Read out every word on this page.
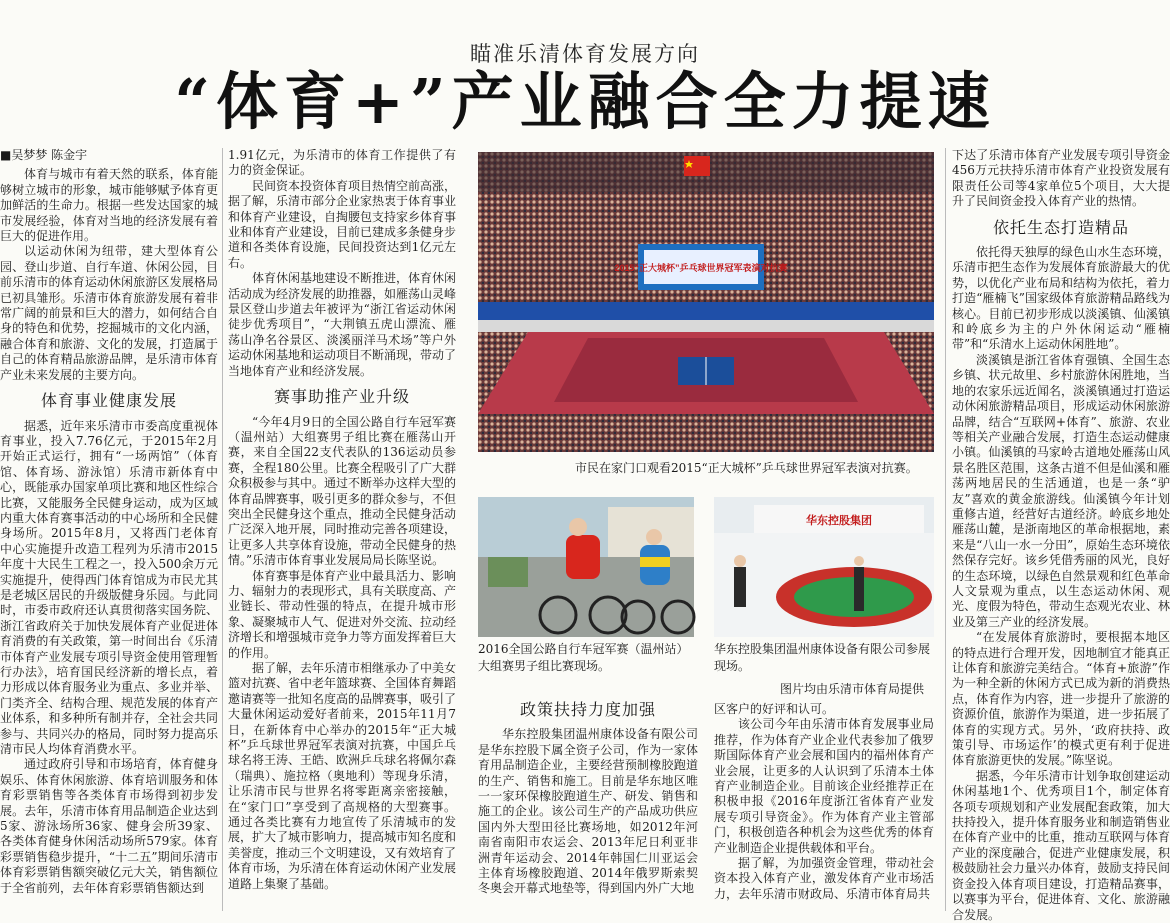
瞄准乐清体育发展方向
“体育+”产业融合全力提速
■吴梦梦 陈金宇

体育与城市有着天然的联系，体育能够树立城市的形象，城市能够赋予体育更加鲜活的生命力。根据一些发达国家的城市发展经验，体育对当地的经济发展有着巨大的促进作用。

以运动休闲为纽带，建大型体育公园、登山步道、自行车道、休闲公园，目前乐清市的体育运动休闲旅游区发展格局已初具雏形。乐清市体育旅游发展有着非常广阔的前景和巨大的潜力，如何结合自身的特色和优势，挖掘城市的文化内涵，融合体育和旅游、文化的发展，打造属于自己的体育精品旅游品牌，是乐清市体育产业未来发展的主要方向。

体育事业健康发展

据悉，近年来乐清市市委高度重视体育事业，投入7.76亿元，于2015年2月开始正式运行，拥有“一场两馆”（体育馆、体育场、游泳馆）乐清市新体育中心，既能承办国家单项比赛和地区性综合比赛，又能服务全民健身运动，成为区域内重大体育赛事活动的中心场所和全民健身场所。2015年8月，又将西门老体育中心实施提升改造工程列为乐清市2015年度十大民生工程之一，投入500余万元实施提升，使得西门体育馆成为市民尤其是老城区居民的升级版健身乐园。与此同时，市委市政府还认真贯彻落实国务院、浙江省政府关于加快发展体育产业促进体育消费的有关政策，第一时间出台《乐清市体育产业发展专项引导资金使用管理暂行办法》，培育国民经济新的增长点，着力形成以体育服务业为重点、多业并举、门类齐全、结构合理、规范发展的体育产业体系，和多种所有制并存，全社会共同参与、共同兴办的格局，同时努力提高乐清市民人均体育消费水平。

通过政府引导和市场培育，体育健身娱乐、体育休闲旅游、体育培训服务和体育彩票销售等各类体育市场得到初步发展。去年，乐清市体育用品制造企业达到5家、游泳场所36家、健身会所39家、各类体育健身休闲活动场所579家。体育彩票销售稳步提升，“十二五”期间乐清市体育彩票销售额突破亿元大关，销售额位于全省前列，去年体育彩票销售额达到

1.91亿元，为乐清市的体育工作提供了有力的资金保证。

民间资本投资体育项目热情空前高涨，据了解，乐清市部分企业家热衷于体育事业和体育产业建设，自掏腰包支持家乡体育事业和体育产业建设，目前已建成多条健身步道和各类体育设施，民间投资达到1亿元左右。

体育休闲基地建设不断推进，体育休闲活动成为经济发展的助推器，如雁荡山灵峰景区登山步道去年被评为“浙江省运动休闲徒步优秀项目”，“大荆镇五虎山漂流、雁荡山净名谷景区、淡溪丽洋马术场”等户外运动休闲基地和运动项目不断涌现，带动了当地体育产业和经济发展。

赛事助推产业升级

“今年4月9日的全国公路自行车冠军赛（温州站）大组赛男子组比赛在雁荡山开赛，来自全国22支代表队的136运动员参赛，全程180公里。比赛全程吸引了广大群众积极参与其中。通过不断举办这样大型的体育品牌赛事，吸引更多的群众参与，不但突出全民健身这个重点，推动全民健身活动广泛深入地开展，同时推动完善各项建设，让更多人共享体育设施，带动全民健身的热情。”乐清市体育事业发展局局长陈坚说。

体育赛事是体育产业中最具活力、影响力、辐射力的表现形式，具有关联度高、产业链长、带动性强的特点，在提升城市形象、凝聚城市人气、促进对外交流、拉动经济增长和增强城市竞争力等方面发挥着巨大的作用。

据了解，去年乐清市相继承办了中美女篮对抗赛、省中老年篮球赛、全国体育舞蹈邀请赛等一批知名度高的品牌赛事，吸引了大量休闲运动爱好者前来，2015年11月7日，在新体育中心举办的2015年“正大城杯”乒乓球世界冠军表演对抗赛，中国乒乓球名将王涛、王皓、欧洲乒乓球名将佩尔森（瑞典）、施拉格（奥地利）等现身乐清，让乐清市民与世界名将零距离亲密接触，在“家门口”享受到了高规格的大型赛事。通过各类比赛有力地宣传了乐清城市的发展，扩大了城市影响力，提高城市知名度和美誉度，推动三个文明建设，又有效培育了体育市场，为乐清在体育运动休闲产业发展道路上集聚了基础。

2015“正大城杯”乒乓球世界冠军表演对抗赛
市民在家门口观看2015“正大城杯”乒乓球世界冠军表演对抗赛。
2016全国公路自行车冠军赛（温州站）大组赛男子组比赛现场。
华东控股集团
华东控股集团温州康体设备有限公司参展现场。
图片均由乐清市体育局提供
政策扶持力度加强

华东控股集团温州康体设备有限公司是华东控股下属全资子公司，作为一家体育用品制造企业，主要经营预制橡胶跑道的生产、销售和施工。目前是华东地区唯一一家环保橡胶跑道生产、研发、销售和施工的企业。该公司生产的产品成功供应国内外大型田径比赛场地，如2012年河南省南阳市农运会、2013年尼日利亚非洲青年运动会、2014年韩国仁川亚运会主体育场橡胶跑道、2014年俄罗斯索契冬奥会开幕式地垫等，得到国内外广大地

区客户的好评和认可。

该公司今年由乐清市体育发展事业局推荐，作为体育产业企业代表参加了俄罗斯国际体育产业会展和国内的福州体育产业会展，让更多的人认识到了乐清本土体育产业制造企业。目前该企业经推荐正在积极申报《2016年度浙江省体育产业发展专项引导资金》。作为体育产业主管部门，积极创造各种机会为这些优秀的体育产业制造企业提供载体和平台。

据了解，为加强资金管理，带动社会资本投入体育产业，激发体育产业市场活力，去年乐清市财政局、乐清市体育局共

下达了乐清市体育产业发展专项引导资金456万元扶持乐清市体育产业投资发展有限责任公司等4家单位5个项目，大大提升了民间资金投入体育产业的热情。

依托生态打造精品

依托得天独厚的绿色山水生态环境，乐清市把生态作为发展体育旅游最大的优势，以优化产业布局和结构为依托，着力打造“雁楠飞”国家级体育旅游精品路线为核心。目前已初步形成以淡溪镇、仙溪镇和岭底乡为主的户外休闲运动“雁楠带”和“乐清水上运动休闲胜地”。

淡溪镇是浙江省体育强镇、全国生态乡镇、状元故里、乡村旅游休闲胜地，当地的农家乐远近闻名，淡溪镇通过打造运动休闲旅游精品项目，形成运动休闲旅游品牌，结合“互联网+体育”、旅游、农业等相关产业融合发展，打造生态运动健康小镇。仙溪镇的马家岭古道地处雁荡山风景名胜区范围，这条古道不但是仙溪和雁荡两地居民的生活通道，也是一条“驴友”喜欢的黄金旅游线。仙溪镇今年计划重修古道，经营好古道经济。岭底乡地处雁荡山麓，是浙南地区的革命根据地，素来是“八山一水一分田”，原始生态环境依然保存完好。该乡凭借秀丽的风光，良好的生态环境，以绿色自然景观和红色革命人文景观为重点，以生态运动休闲、观光、度假为特色，带动生态观光农业、林业及第三产业的经济发展。

“在发展体育旅游时，要根据本地区的特点进行合理开发，因地制宜才能真正让体育和旅游完美结合。“体育+旅游”作为一种全新的休闲方式已成为新的消费热点，体育作为内容，进一步提升了旅游的资源价值，旅游作为渠道，进一步拓展了体育的实现方式。另外，‘政府扶持、政策引导、市场运作’的模式更有利于促进体育旅游更快的发展。”陈坚说。

据悉，今年乐清市计划争取创建运动休闲基地1个、优秀项目1个，制定体育各项专项规划和产业发展配套政策，加大扶持投入，提升体育服务业和制造销售业在体育产业中的比重，推动互联网与体育产业的深度融合，促进产业健康发展，积极鼓励社会力量兴办体育，鼓励支持民间资金投入体育项目建设，打造精品赛事，以赛事为平台，促进体育、文化、旅游融合发展。
